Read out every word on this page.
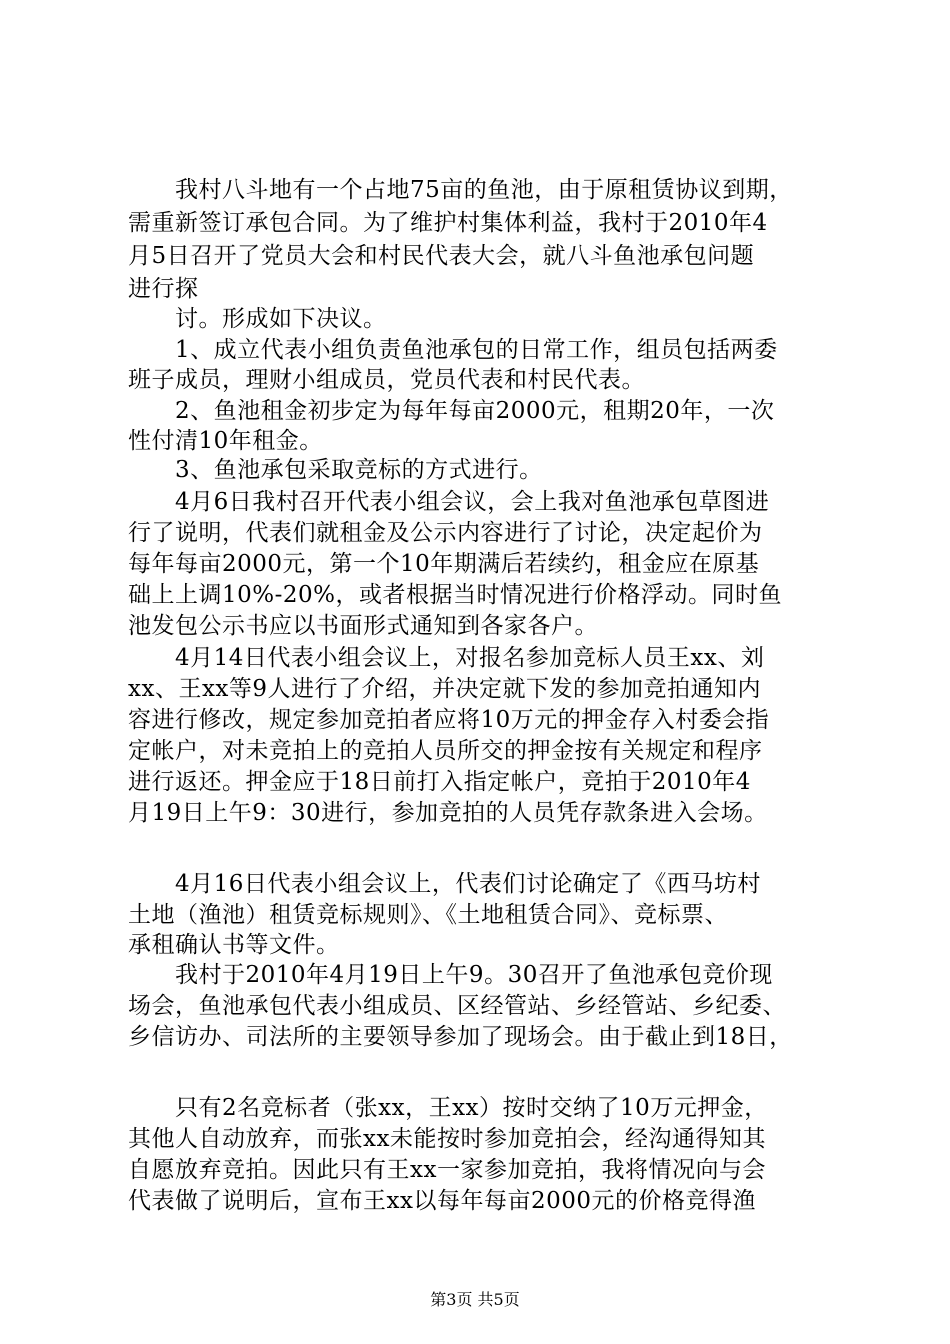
　　我村八斗地有一个占地75亩的鱼池，由于原租赁协议到期，
需重新签订承包合同。为了维护村集体利益，我村于2010年4
月5日召开了党员大会和村民代表大会，就八斗鱼池承包问题
进行探
　　讨。形成如下决议。
　　1、成立代表小组负责鱼池承包的日常工作，组员包括两委
班子成员，理财小组成员，党员代表和村民代表。
　　2、鱼池租金初步定为每年每亩2000元，租期20年，一次
性付清10年租金。
　　3、鱼池承包采取竞标的方式进行。
　　4月6日我村召开代表小组会议，会上我对鱼池承包草图进
行了说明，代表们就租金及公示内容进行了讨论，决定起价为
每年每亩2000元，第一个10年期满后若续约，租金应在原基
础上上调10%-20%，或者根据当时情况进行价格浮动。同时鱼
池发包公示书应以书面形式通知到各家各户。
　　4月14日代表小组会议上，对报名参加竞标人员王xx、刘
xx、王xx等9人进行了介绍，并决定就下发的参加竞拍通知内
容进行修改，规定参加竞拍者应将10万元的押金存入村委会指
定帐户，对未竞拍上的竞拍人员所交的押金按有关规定和程序
进行返还。押金应于18日前打入指定帐户，竞拍于2010年4
月19日上午9：30进行，参加竞拍的人员凭存款条进入会场。
　　4月16日代表小组会议上，代表们讨论确定了《西马坊村
土地（渔池）租赁竞标规则》、《土地租赁合同》、竞标票、
承租确认书等文件。
　　我村于2010年4月19日上午9。30召开了鱼池承包竞价现
场会，鱼池承包代表小组成员、区经管站、乡经管站、乡纪委、
乡信访办、司法所的主要领导参加了现场会。由于截止到18日，
　　只有2名竞标者（张xx，王xx）按时交纳了10万元押金，
其他人自动放弃，而张xx未能按时参加竞拍会，经沟通得知其
自愿放弃竞拍。因此只有王xx一家参加竞拍，我将情况向与会
代表做了说明后，宣布王xx以每年每亩2000元的价格竞得渔
第3页 共5页
